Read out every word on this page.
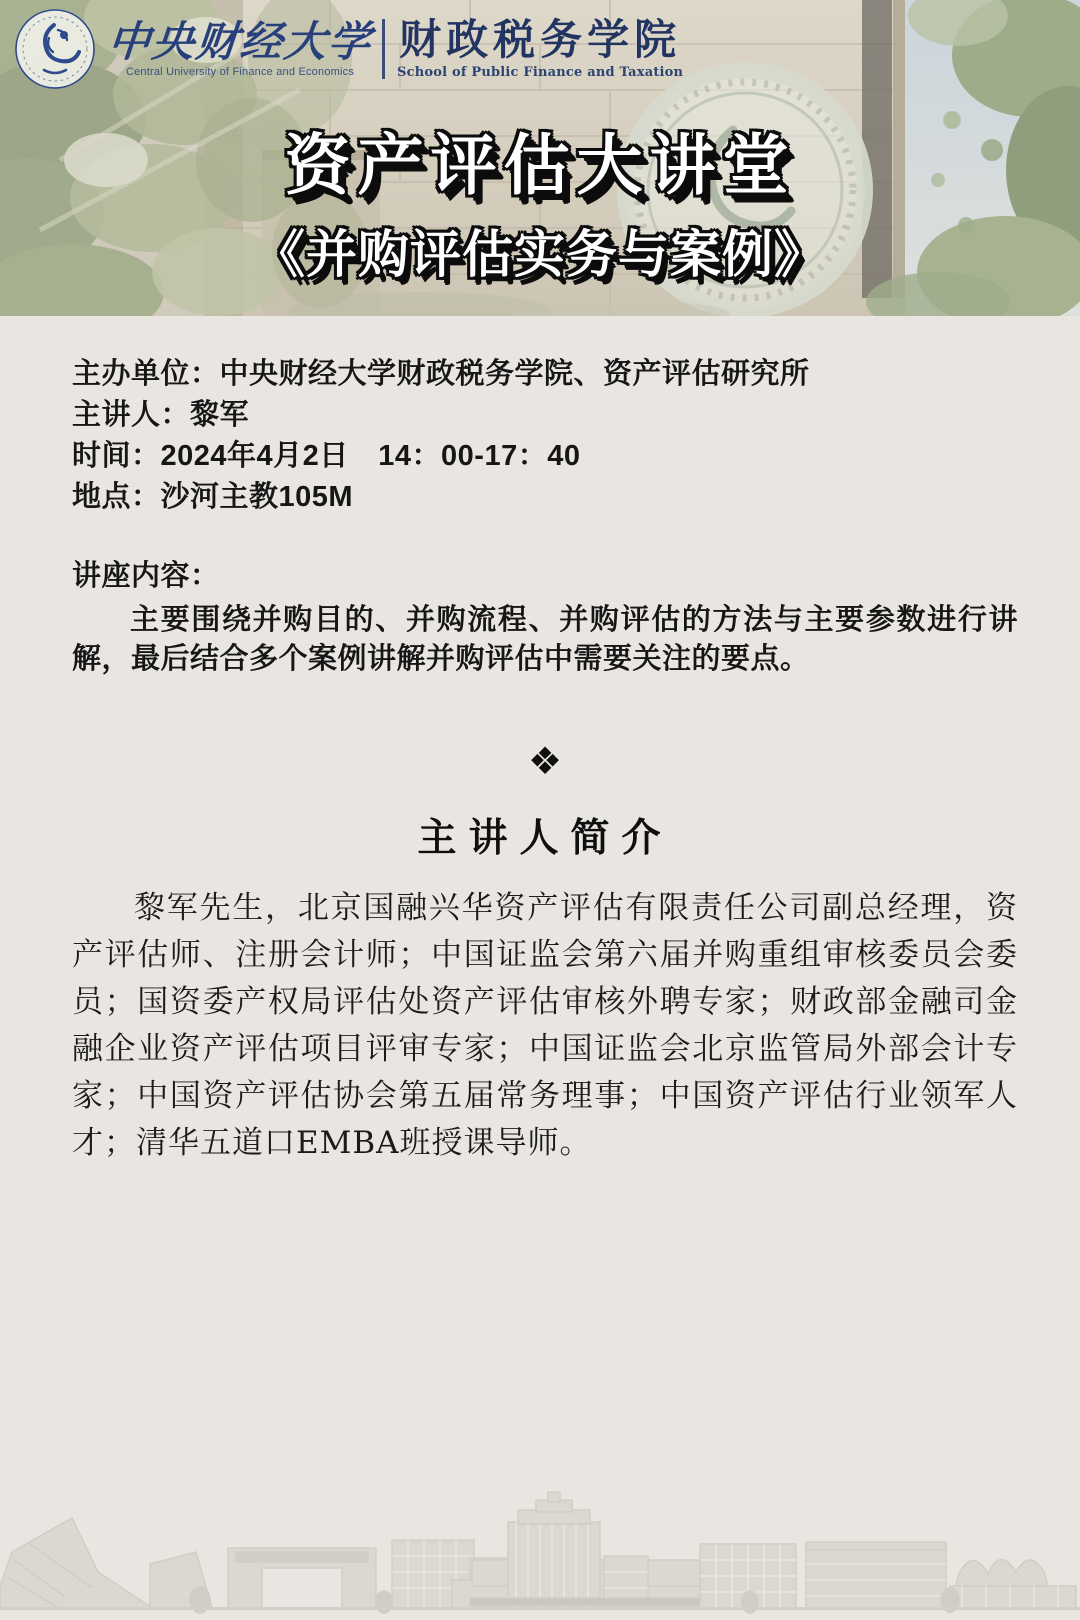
中央财经大学
Central University of Finance and Economics
财政税务学院
School of Public Finance and Taxation
资产评估大讲堂
《并购评估实务与案例》

主办单位：中央财经大学财政税务学院、资产评估研究所

主讲人：黎军

时间：2024年4月2日　14：00-17：40

地点：沙河主教105M

讲座内容：

主要围绕并购目的、并购流程、并购评估的方法与主要参数进行讲解，最后结合多个案例讲解并购评估中需要关注的要点。

❖
主讲人简介

黎军先生，北京国融兴华资产评估有限责任公司副总经理，资产评估师、注册会计师；中国证监会第六届并购重组审核委员会委员；国资委产权局评估处资产评估审核外聘专家；财政部金融司金融企业资产评估项目评审专家；中国证监会北京监管局外部会计专家；中国资产评估协会第五届常务理事；中国资产评估行业领军人才；清华五道口EMBA班授课导师。
